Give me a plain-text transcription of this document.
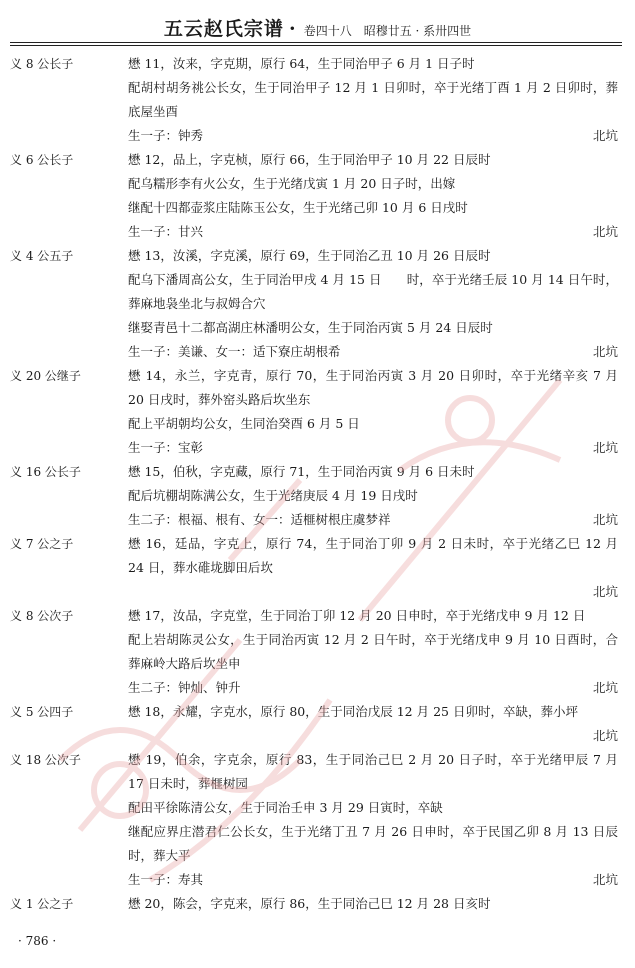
五云赵氏宗谱 · 卷四十八　昭穆廿五 · 系卅四世
义 8 公长子	懋 11，汝来，字克期，原行 64，生于同治甲子 6 月 1 日子时
配胡村胡务祧公长女，生于同治甲子 12 月 1 日卯时，卒于光绪丁酉 1 月 2 日卯时，葬底屋坐酉
生一子：钟秀	北坑
义 6 公长子	懋 12，品上，字克桢，原行 66，生于同治甲子 10 月 22 日辰时
配乌糯形李有火公女，生于光绪戊寅 1 月 20 日子时，出嫁
继配十四都壶浆庄陆陈玉公女，生于光绪己卯 10 月 6 日戌时
生一子：甘兴	北坑
义 4 公五子	懋 13，汝溪，字克溪，原行 69，生于同治乙丑 10 月 26 日辰时
配乌下潘周高公女，生于同治甲戌 4 月 15 日　　时，卒于光绪壬辰 10 月 14 日午时，葬麻地袅坐北与叔姆合穴
继娶青邑十二都高湖庄林潘明公女，生于同治丙寅 5 月 24 日辰时
生一子：美谦、女一：适下寮庄胡根希	北坑
义 20 公继子	懋 14，永兰，字克青，原行 70，生于同治丙寅 3 月 20 日卯时，卒于光绪辛亥 7 月 20 日戌时，葬外窑头路后坎坐东
配上平胡朝均公女，生同治癸酉 6 月 5 日
生一子：宝彰	北坑
义 16 公长子	懋 15，伯秋，字克藏，原行 71，生于同治丙寅 9 月 6 日未时
配后坑棚胡陈满公女，生于光绪庚辰 4 月 19 日戌时
生二子：根福、根有、女一：适榧树根庄虞梦祥	北坑
义 7 公之子	懋 16，廷品，字克上，原行 74，生于同治丁卯 9 月 2 日未时，卒于光绪乙巳 12 月 24 日，葬水碓垅脚田后坎
北坑
义 8 公次子	懋 17，汝品，字克堂，生于同治丁卯 12 月 20 日申时，卒于光绪戊申 9 月 12 日
配上岩胡陈灵公女，生于同治丙寅 12 月 2 日午时，卒于光绪戊申 9 月 10 日酉时，合葬麻岭大路后坎坐申
生二子：钟灿、钟升	北坑
义 5 公四子	懋 18，永耀，字克水，原行 80，生于同治戊辰 12 月 25 日卯时，卒缺，葬小坪
北坑
义 18 公次子	懋 19，伯余，字克余，原行 83，生于同治己巳 2 月 20 日子时，卒于光绪甲辰 7 月 17 日未时，葬榧树园
配田平徐陈清公女，生于同治壬申 3 月 29 日寅时，卒缺
继配应界庄潜君仁公长女，生于光绪丁丑 7 月 26 日申时，卒于民国乙卯 8 月 13 日辰时，葬大平
生一子：寿其	北坑
义 1 公之子	懋 20，陈会，字克来，原行 86，生于同治己巳 12 月 28 日亥时
· 786 ·
